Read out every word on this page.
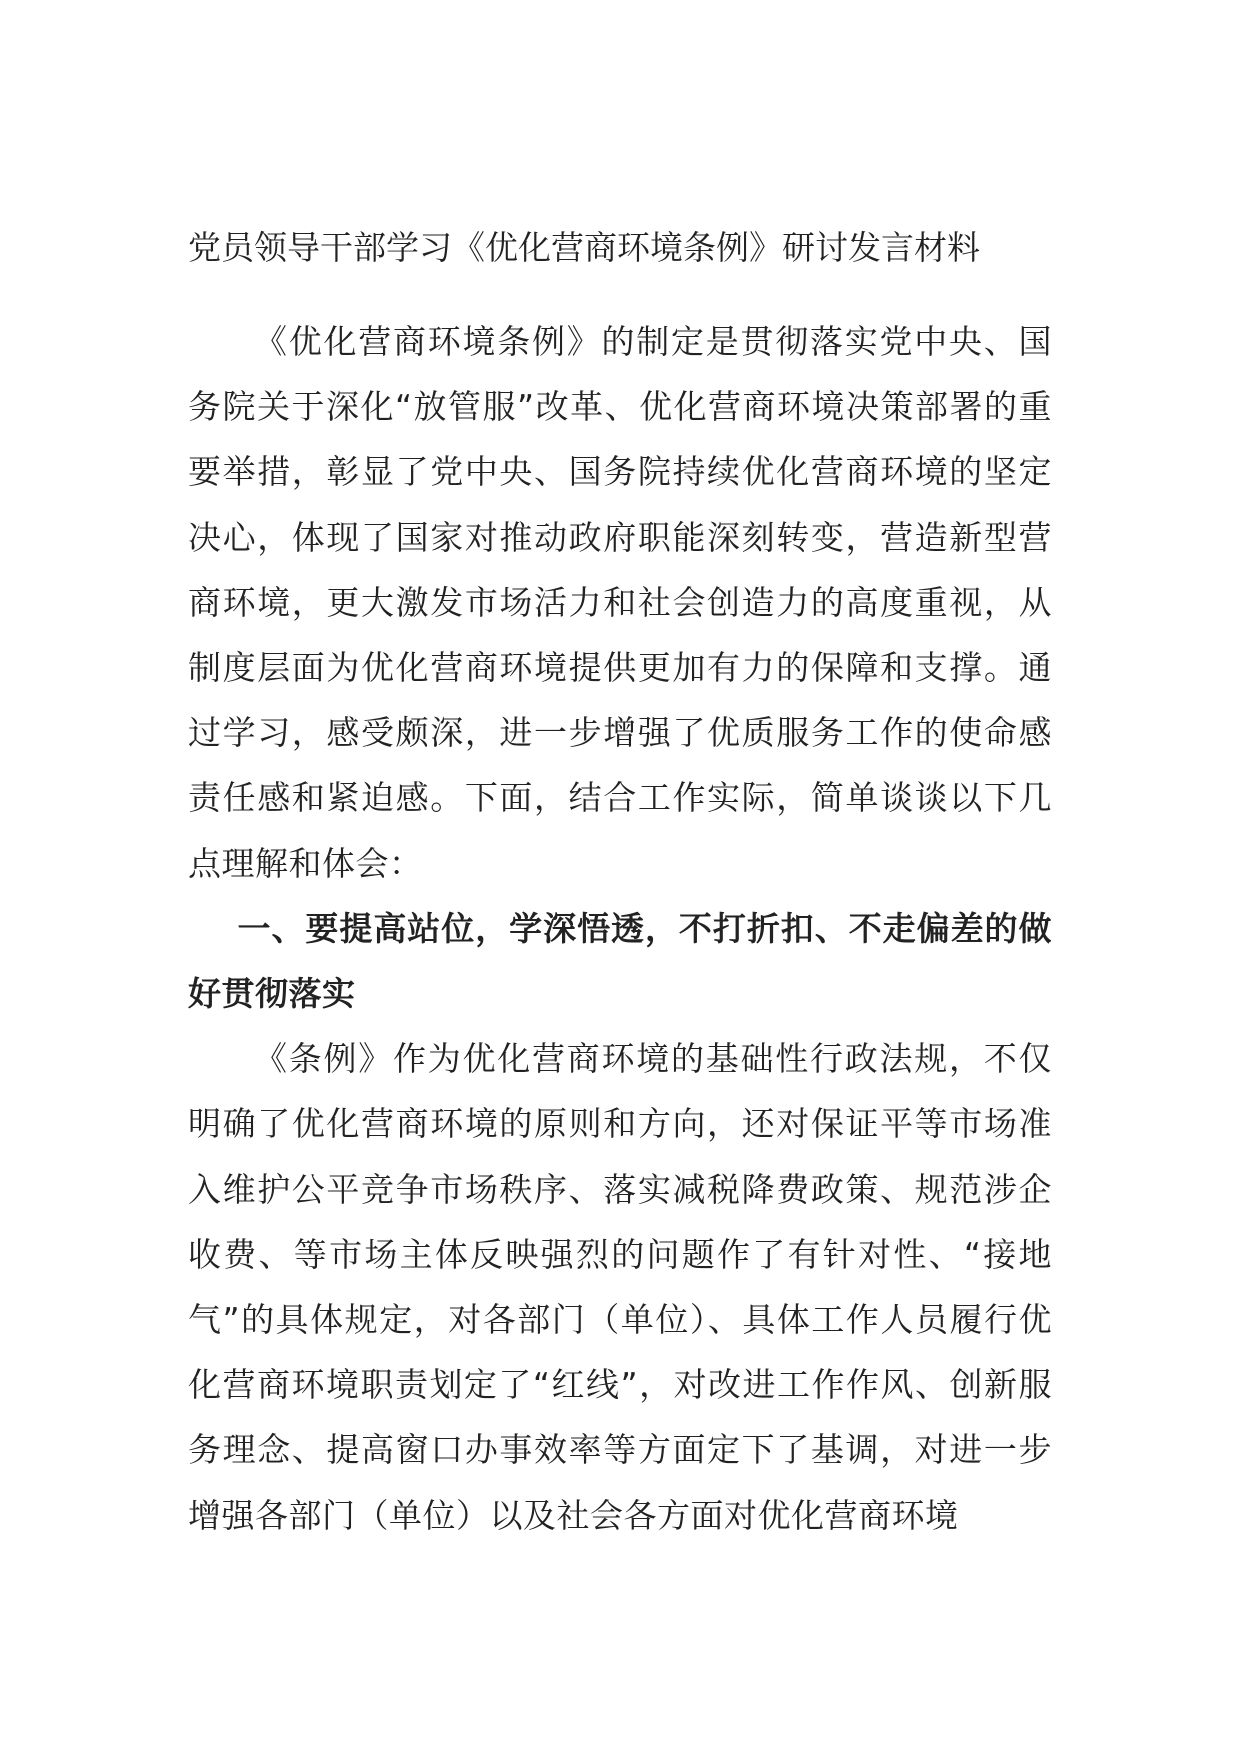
党员领导干部学习《优化营商环境条例》研讨发言材料

《优化营商环境条例》的制定是贯彻落实党中央、国务院关于深化“放管服”改革、优化营商环境决策部署的重要举措，彰显了党中央、国务院持续优化营商环境的坚定决心，体现了国家对推动政府职能深刻转变，营造新型营商环境，更大激发市场活力和社会创造力的高度重视，从制度层面为优化营商环境提供更加有力的保障和支撑。通过学习，感受颇深，进一步增强了优质服务工作的使命感责任感和紧迫感。下面，结合工作实际，简单谈谈以下几点理解和体会：

一、要提高站位，学深悟透，不打折扣、不走偏差的做好贯彻落实

《条例》作为优化营商环境的基础性行政法规，不仅明确了优化营商环境的原则和方向，还对保证平等市场准入维护公平竞争市场秩序、落实减税降费政策、规范涉企收费、等市场主体反映强烈的问题作了有针对性、“接地气”的具体规定，对各部门（单位）、具体工作人员履行优化营商环境职责划定了“红线”，对改进工作作风、创新服务理念、提高窗口办事效率等方面定下了基调，对进一步增强各部门（单位）以及社会各方面对优化营商环境
